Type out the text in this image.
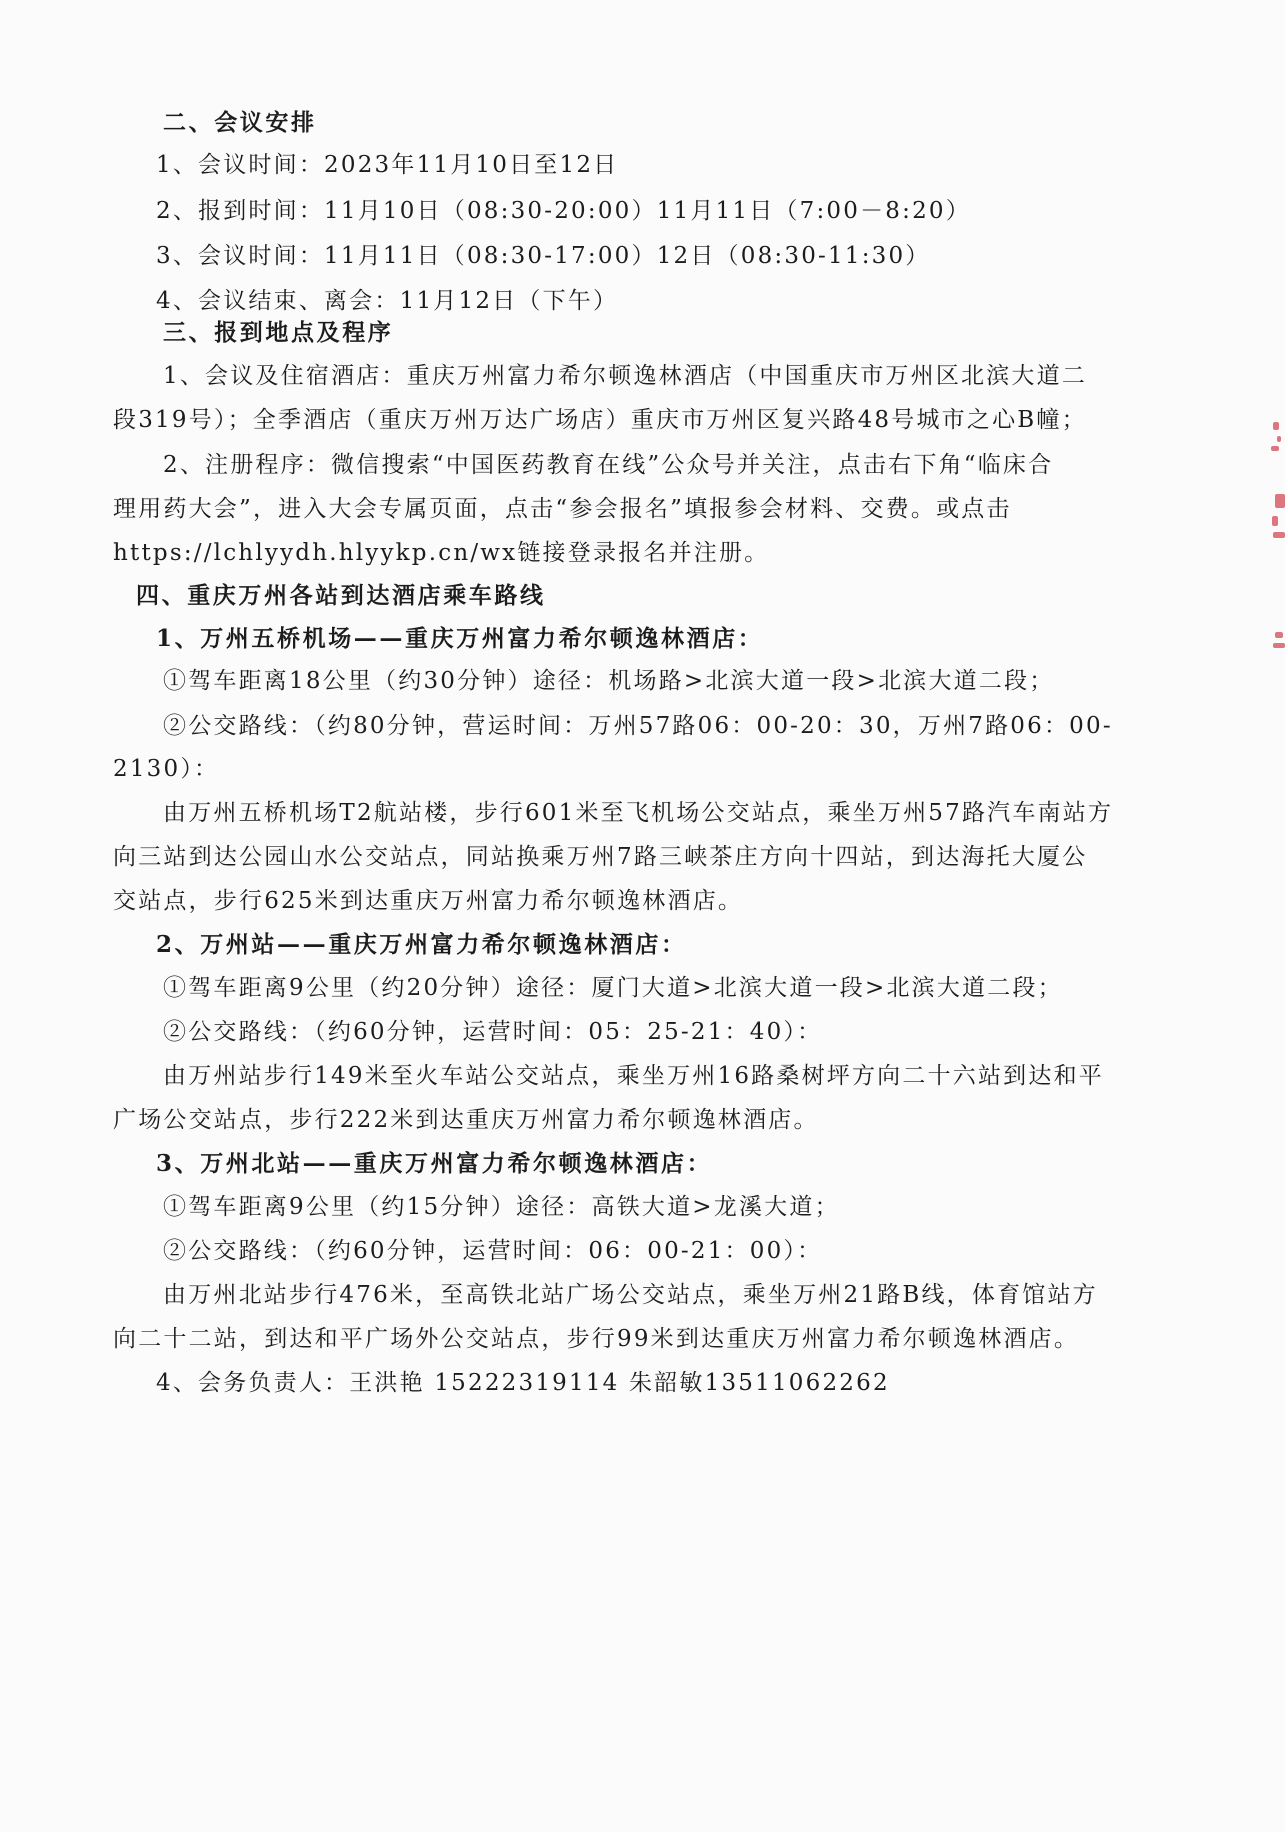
二、会议安排
1、会议时间：2023年11月10日至12日
2、报到时间：11月10日（08:30-20:00）11月11日（7:00－8:20）
3、会议时间：11月11日（08:30-17:00）12日（08:30-11:30）
4、会议结束、离会：11月12日（下午）
三、报到地点及程序
1、会议及住宿酒店：重庆万州富力希尔顿逸林酒店（中国重庆市万州区北滨大道二
段319号）；全季酒店（重庆万州万达广场店）重庆市万州区复兴路48号城市之心B幢；
2、注册程序：微信搜索“中国医药教育在线”公众号并关注，点击右下角“临床合
理用药大会”，进入大会专属页面，点击“参会报名”填报参会材料、交费。或点击
https://lchlyydh.hlyykp.cn/wx链接登录报名并注册。
四、重庆万州各站到达酒店乘车路线
1、万州五桥机场——重庆万州富力希尔顿逸林酒店：
①驾车距离18公里（约30分钟）途径：机场路>北滨大道一段>北滨大道二段；
②公交路线：（约80分钟，营运时间：万州57路06：00-20：30，万州7路06：00-
2130）：
由万州五桥机场T2航站楼，步行601米至飞机场公交站点，乘坐万州57路汽车南站方
向三站到达公园山水公交站点，同站换乘万州7路三峡茶庄方向十四站，到达海托大厦公
交站点，步行625米到达重庆万州富力希尔顿逸林酒店。
2、万州站——重庆万州富力希尔顿逸林酒店：
①驾车距离9公里（约20分钟）途径：厦门大道>北滨大道一段>北滨大道二段；
②公交路线：（约60分钟，运营时间：05：25-21：40）：
由万州站步行149米至火车站公交站点，乘坐万州16路桑树坪方向二十六站到达和平
广场公交站点，步行222米到达重庆万州富力希尔顿逸林酒店。
3、万州北站——重庆万州富力希尔顿逸林酒店：
①驾车距离9公里（约15分钟）途径：高铁大道>龙溪大道；
②公交路线：（约60分钟，运营时间：06：00-21：00）：
由万州北站步行476米，至高铁北站广场公交站点，乘坐万州21路B线，体育馆站方
向二十二站，到达和平广场外公交站点，步行99米到达重庆万州富力希尔顿逸林酒店。
4、会务负责人：王洪艳 15222319114 朱韶敏13511062262
